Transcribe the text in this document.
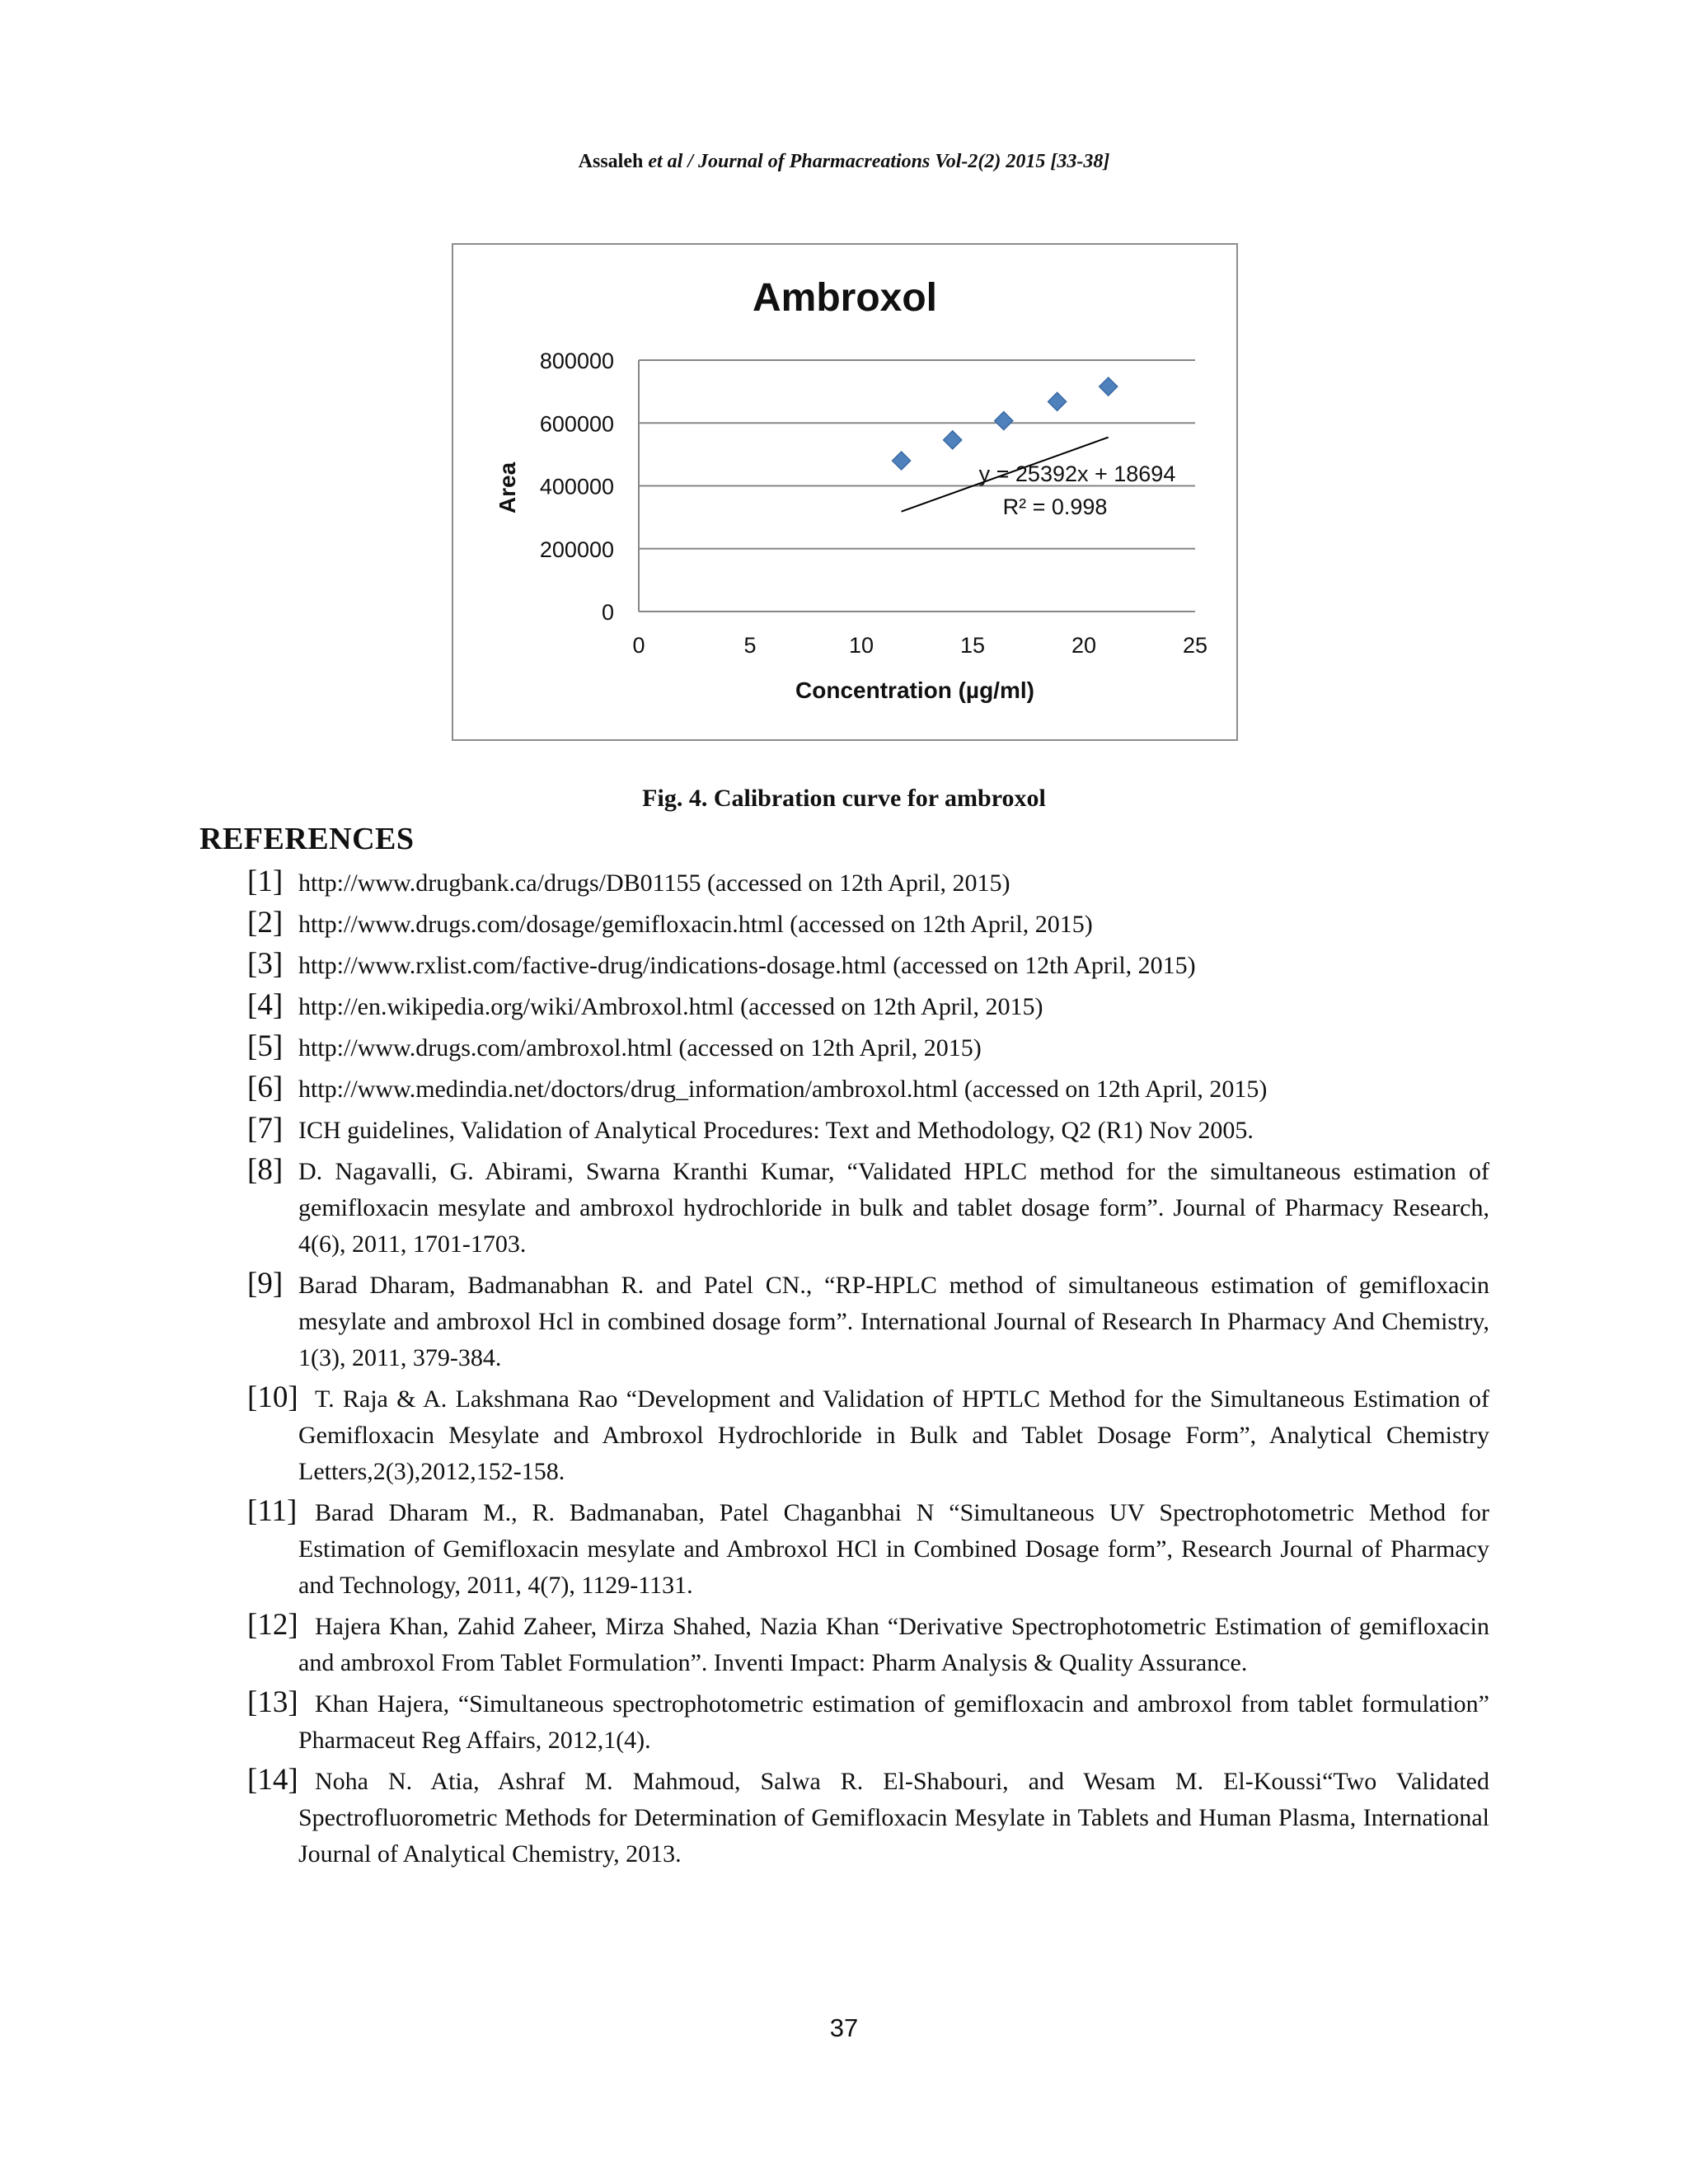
Assaleh et al / Journal of Pharmacreations Vol-2(2) 2015 [33-38]
Ambroxol
0
200000
400000
600000
800000
0	5	10	15	20	25
Concentration (µg/ml)
Area	y = 25392x + 18694
R² = 0.998
Fig. 4. Calibration curve for ambroxol
REFERENCES
[1] http://www.drugbank.ca/drugs/DB01155 (accessed on 12th April, 2015)
[2] http://www.drugs.com/dosage/gemifloxacin.html (accessed on 12th April, 2015)
[3] http://www.rxlist.com/factive-drug/indications-dosage.html (accessed on 12th April, 2015)
[4] http://en.wikipedia.org/wiki/Ambroxol.html (accessed on 12th April, 2015)
[5] http://www.drugs.com/ambroxol.html (accessed on 12th April, 2015)
[6] http://www.medindia.net/doctors/drug_information/ambroxol.html (accessed on 12th April, 2015)
[7] ICH guidelines, Validation of Analytical Procedures: Text and Methodology, Q2 (R1) Nov 2005.
[8] D. Nagavalli, G. Abirami, Swarna Kranthi Kumar, “Validated HPLC method for the simultaneous estimation of gemifloxacin mesylate and ambroxol hydrochloride in bulk and tablet dosage form”. Journal of Pharmacy Research, 4(6), 2011, 1701-1703.
[9] Barad Dharam, Badmanabhan R. and Patel CN., “RP-HPLC method of simultaneous estimation of gemifloxacin mesylate and ambroxol Hcl in combined dosage form”. International Journal of Research In Pharmacy And Chemistry, 1(3), 2011, 379-384.
[10] T. Raja & A. Lakshmana Rao “Development and Validation of HPTLC Method for the Simultaneous Estimation of Gemifloxacin Mesylate and Ambroxol Hydrochloride in Bulk and Tablet Dosage Form”, Analytical Chemistry Letters,2(3),2012,152-158.
[11] Barad Dharam M., R. Badmanaban, Patel Chaganbhai N “Simultaneous UV Spectrophotometric Method for Estimation of Gemifloxacin mesylate and Ambroxol HCl in Combined Dosage form”, Research Journal of Pharmacy and Technology, 2011, 4(7), 1129-1131.
[12] Hajera Khan, Zahid Zaheer, Mirza Shahed, Nazia Khan “Derivative Spectrophotometric Estimation of gemifloxacin and ambroxol From Tablet Formulation”. Inventi Impact: Pharm Analysis & Quality Assurance.
[13] Khan Hajera, “Simultaneous spectrophotometric estimation of gemifloxacin and ambroxol from tablet formulation” Pharmaceut Reg Affairs, 2012,1(4).
[14] Noha N. Atia, Ashraf M. Mahmoud, Salwa R. El-Shabouri, and Wesam M. El-Koussi“Two Validated Spectrofluorometric Methods for Determination of Gemifloxacin Mesylate in Tablets and Human Plasma, International Journal of Analytical Chemistry, 2013.
37
